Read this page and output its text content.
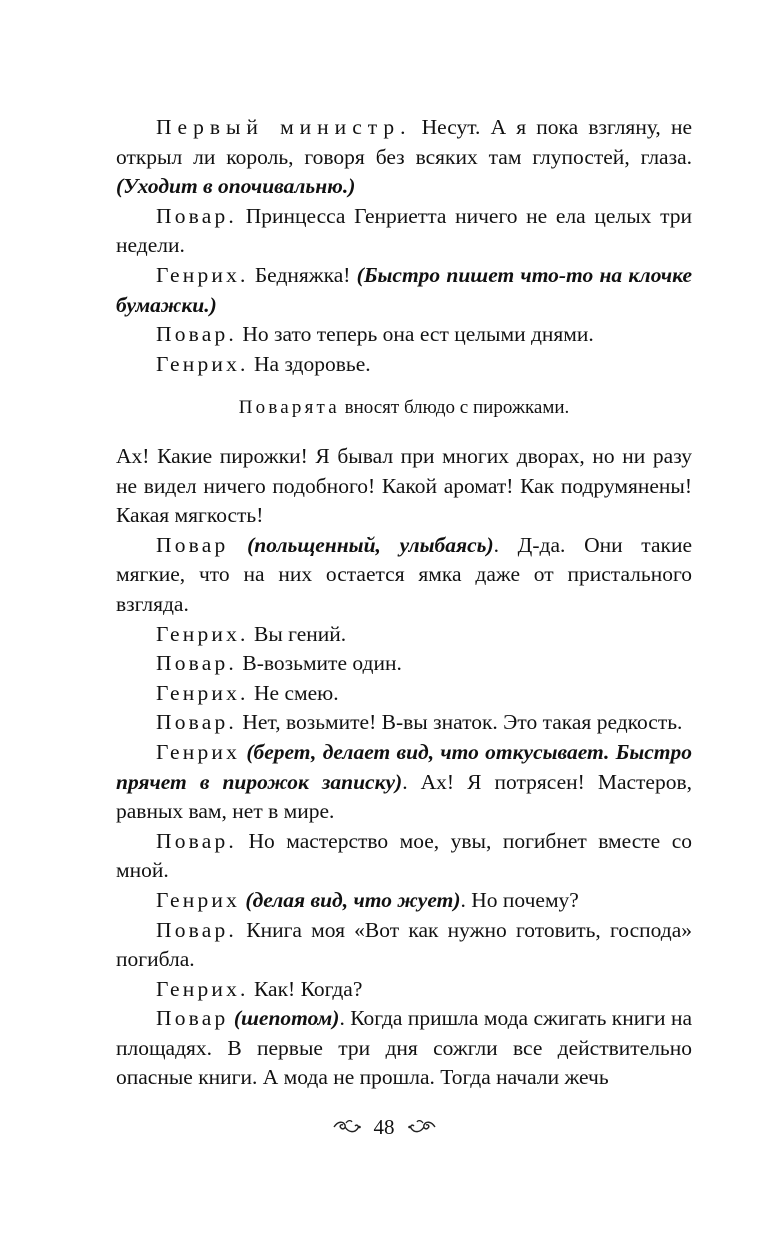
Первый министр. Несут. А я пока взгляну, не открыл ли король, говоря без всяких там глупостей, глаза. (Уходит в опочивальню.)

Повар. Принцесса Генриетта ничего не ела целых три недели.

Генрих. Бедняжка! (Быстро пишет что-то на клочке бумажки.)

Повар. Но зато теперь она ест целыми днями.

Генрих. На здоровье.

Поварята вносят блюдо с пирожками.

Ах! Какие пирожки! Я бывал при многих дворах, но ни разу не видел ничего подобного! Какой аромат! Как подрумянены! Какая мягкость!

Повар (польщенный, улыбаясь). Д-да. Они такие мягкие, что на них остается ямка даже от пристального взгляда.

Генрих. Вы гений.

Повар. В-возьмите один.

Генрих. Не смею.

Повар. Нет, возьмите! В-вы знаток. Это такая редкость.

Генрих (берет, делает вид, что откусывает. Быстро прячет в пирожок записку). Ах! Я потрясен! Мастеров, равных вам, нет в мире.

Повар. Но мастерство мое, увы, погибнет вместе со мной.

Генрих (делая вид, что жует). Но почему?

Повар. Книга моя «Вот как нужно готовить, господа» погибла.

Генрих. Как! Когда?

Повар (шепотом). Когда пришла мода сжигать книги на площадях. В первые три дня сожгли все действительно опасные книги. А мода не прошла. Тогда начали жечь

48
